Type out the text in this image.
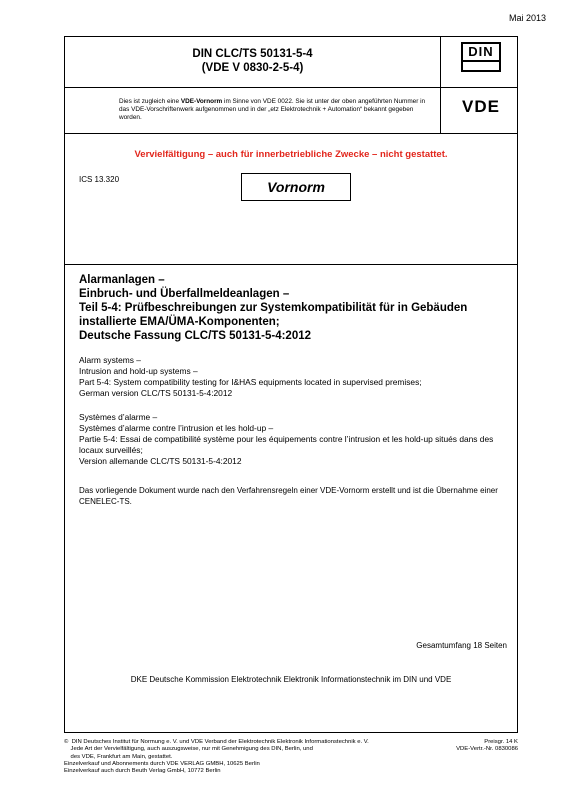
Mai 2013
DIN CLC/TS 50131-5-4
(VDE V 0830-2-5-4)
DIN
Dies ist zugleich eine VDE-Vornorm im Sinne von VDE 0022. Sie ist unter der oben angeführten Nummer in das VDE-Vorschriftenwerk aufgenommen und in der „etz Elektrotechnik + Automation“ bekannt gegeben worden.
VDE
Vervielfältigung – auch für innerbetriebliche Zwecke – nicht gestattet.
ICS 13.320	Vornorm
Alarmanlagen –
Einbruch- und Überfallmeldeanlagen –
Teil 5-4: Prüfbeschreibungen zur Systemkompatibilität für in Gebäuden installierte EMA/ÜMA-Komponenten;
Deutsche Fassung CLC/TS 50131-5-4:2012
Alarm systems –
Intrusion and hold-up systems –
Part 5-4: System compatibility testing for I&HAS equipments located in supervised premises;
German version CLC/TS 50131-5-4:2012
Systèmes d’alarme –
Systèmes d’alarme contre l’intrusion et les hold-up –
Partie 5-4: Essai de compatibilité système pour les équipements contre l’intrusion et les hold-up situés dans des locaux surveillés;
Version allemande CLC/TS 50131-5-4:2012
Das vorliegende Dokument wurde nach den Verfahrensregeln einer VDE-Vornorm erstellt und ist die Übernahme einer CENELEC-TS.
Gesamtumfang 18 Seiten
DKE Deutsche Kommission Elektrotechnik Elektronik Informationstechnik im DIN und VDE
©  DIN Deutsches Institut für Normung e. V. und VDE Verband der Elektrotechnik Elektronik Informationstechnik e. V.
Jede Art der Vervielfältigung, auch auszugsweise, nur mit Genehmigung des DIN, Berlin, und
des VDE, Frankfurt am Main, gestattet.
Einzelverkauf und Abonnements durch VDE VERLAG GMBH, 10625 Berlin
Einzelverkauf auch durch Beuth Verlag GmbH, 10772 Berlin
Preisgr. 14 K
VDE-Vertr.-Nr. 0830086
